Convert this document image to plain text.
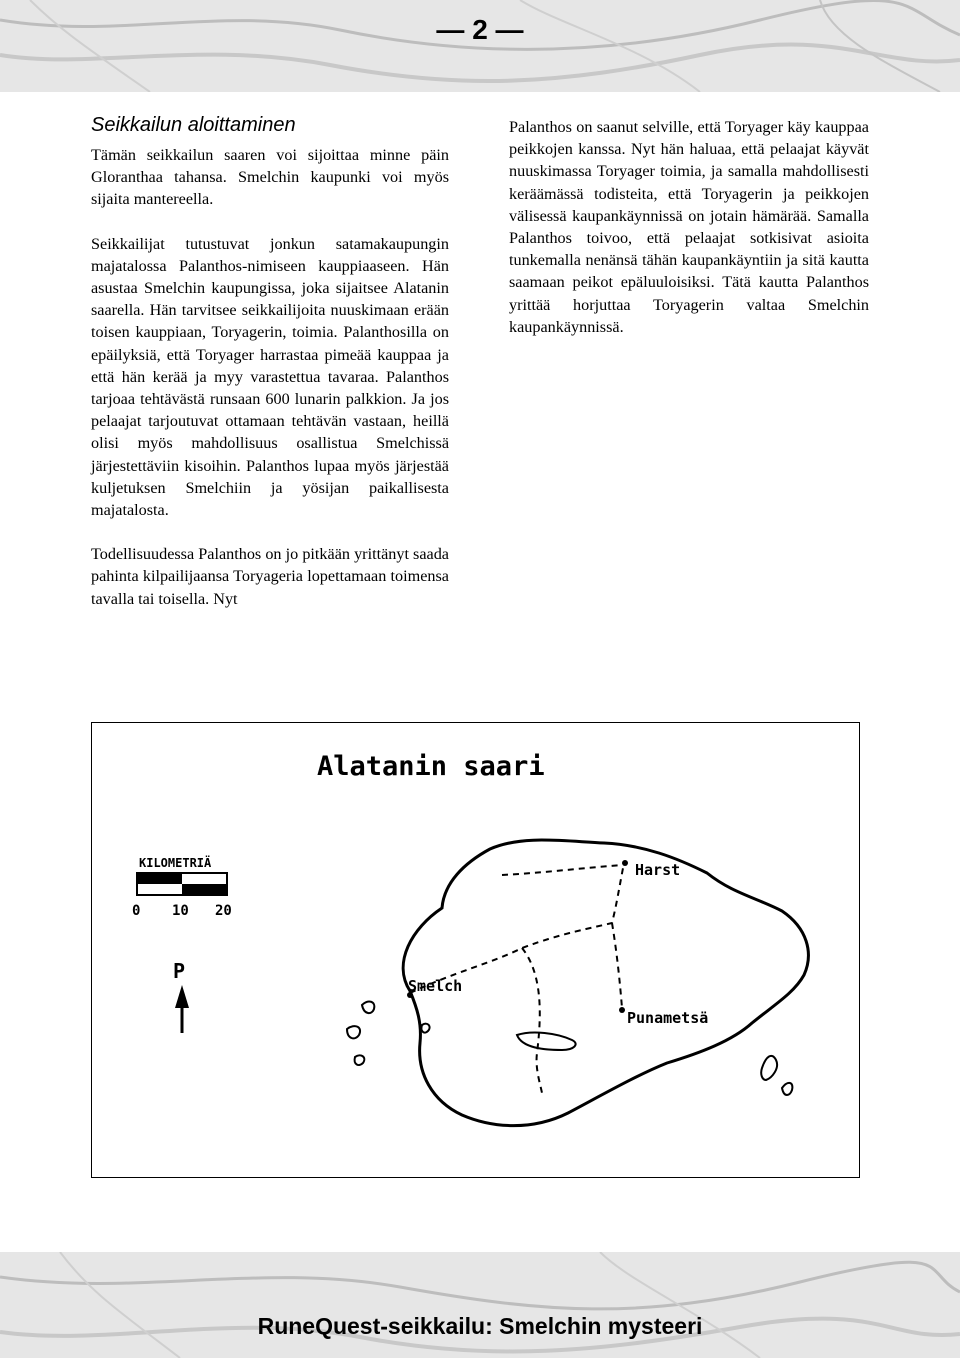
— 2 —
Seikkailun aloittaminen

Tämän seikkailun saaren voi sijoittaa minne päin Gloranthaa tahansa. Smelchin kaupunki voi myös sijaita mantereella.

Seikkailijat tutustuvat jonkun satamakaupungin majatalossa Palanthos-nimiseen kauppiaaseen. Hän asustaa Smelchin kaupungissa, joka sijaitsee Alatanin saarella. Hän tarvitsee seikkailijoita nuuskimaan erään toisen kauppiaan, Toryagerin, toimia. Palanthosilla on epäilyksiä, että Toryager harrastaa pimeää kauppaa ja että hän kerää ja myy varastettua tavaraa. Palanthos tarjoaa tehtävästä runsaan 600 lunarin palkkion. Ja jos pelaajat tarjoutuvat ottamaan tehtävän vastaan, heillä olisi myös mahdollisuus osallistua Smelchissä järjestettäviin kisoihin. Palanthos lupaa myös järjestää kuljetuksen Smelchiin ja yösijan paikallisesta majatalosta.

Todellisuudessa Palanthos on jo pitkään yrittänyt saada pahinta kilpailijaansa Toryageria lopettamaan toimensa tavalla tai toisella. Nyt

Palanthos on saanut selville, että Toryager käy kauppaa peikkojen kanssa. Nyt hän haluaa, että pelaajat käyvät nuuskimassa Toryager toimia, ja samalla mahdollisesti keräämässä todisteita, että Toryagerin ja peikkojen välisessä kaupankäynnissä on jotain hämärää. Samalla Palanthos toivoo, että pelaajat sotkisivat asioita tunkemalla nenänsä tähän kaupankäyntiin ja sitä kautta saamaan peikot epäluuloisiksi. Tätä kautta Palanthos yrittää horjuttaa Toryagerin valtaa Smelchin kaupankäynnissä.

Alatanin saari
KILOMETRIÄ
0 10 20
P
Harst
Smelch
Punametsä
RuneQuest-seikkailu: Smelchin mysteeri
